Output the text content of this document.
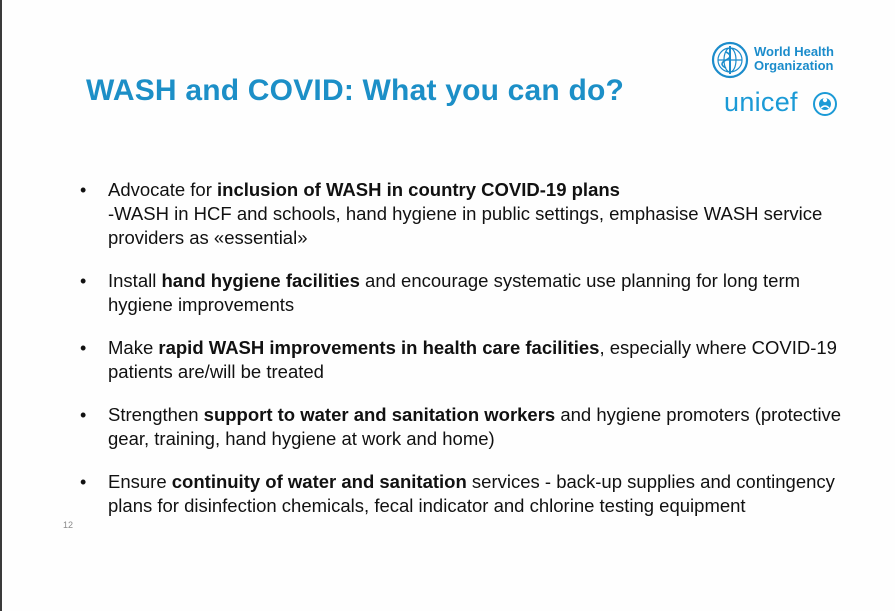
World Health
Organization
unicef
WASH and COVID: What you can do?
• Advocate for inclusion of WASH in country COVID-19 plans
-WASH in HCF and schools, hand hygiene in public settings, emphasise WASH service providers as «essential»
• Install hand hygiene facilities and encourage systematic use planning for long term hygiene improvements
• Make rapid WASH improvements in health care facilities, especially where COVID-19 patients are/will be treated
• Strengthen support to water and sanitation workers and hygiene promoters (protective gear, training, hand hygiene at work and home)
• Ensure continuity of water and sanitation services - back-up supplies and contingency plans for disinfection chemicals, fecal indicator and chlorine testing equipment
12
